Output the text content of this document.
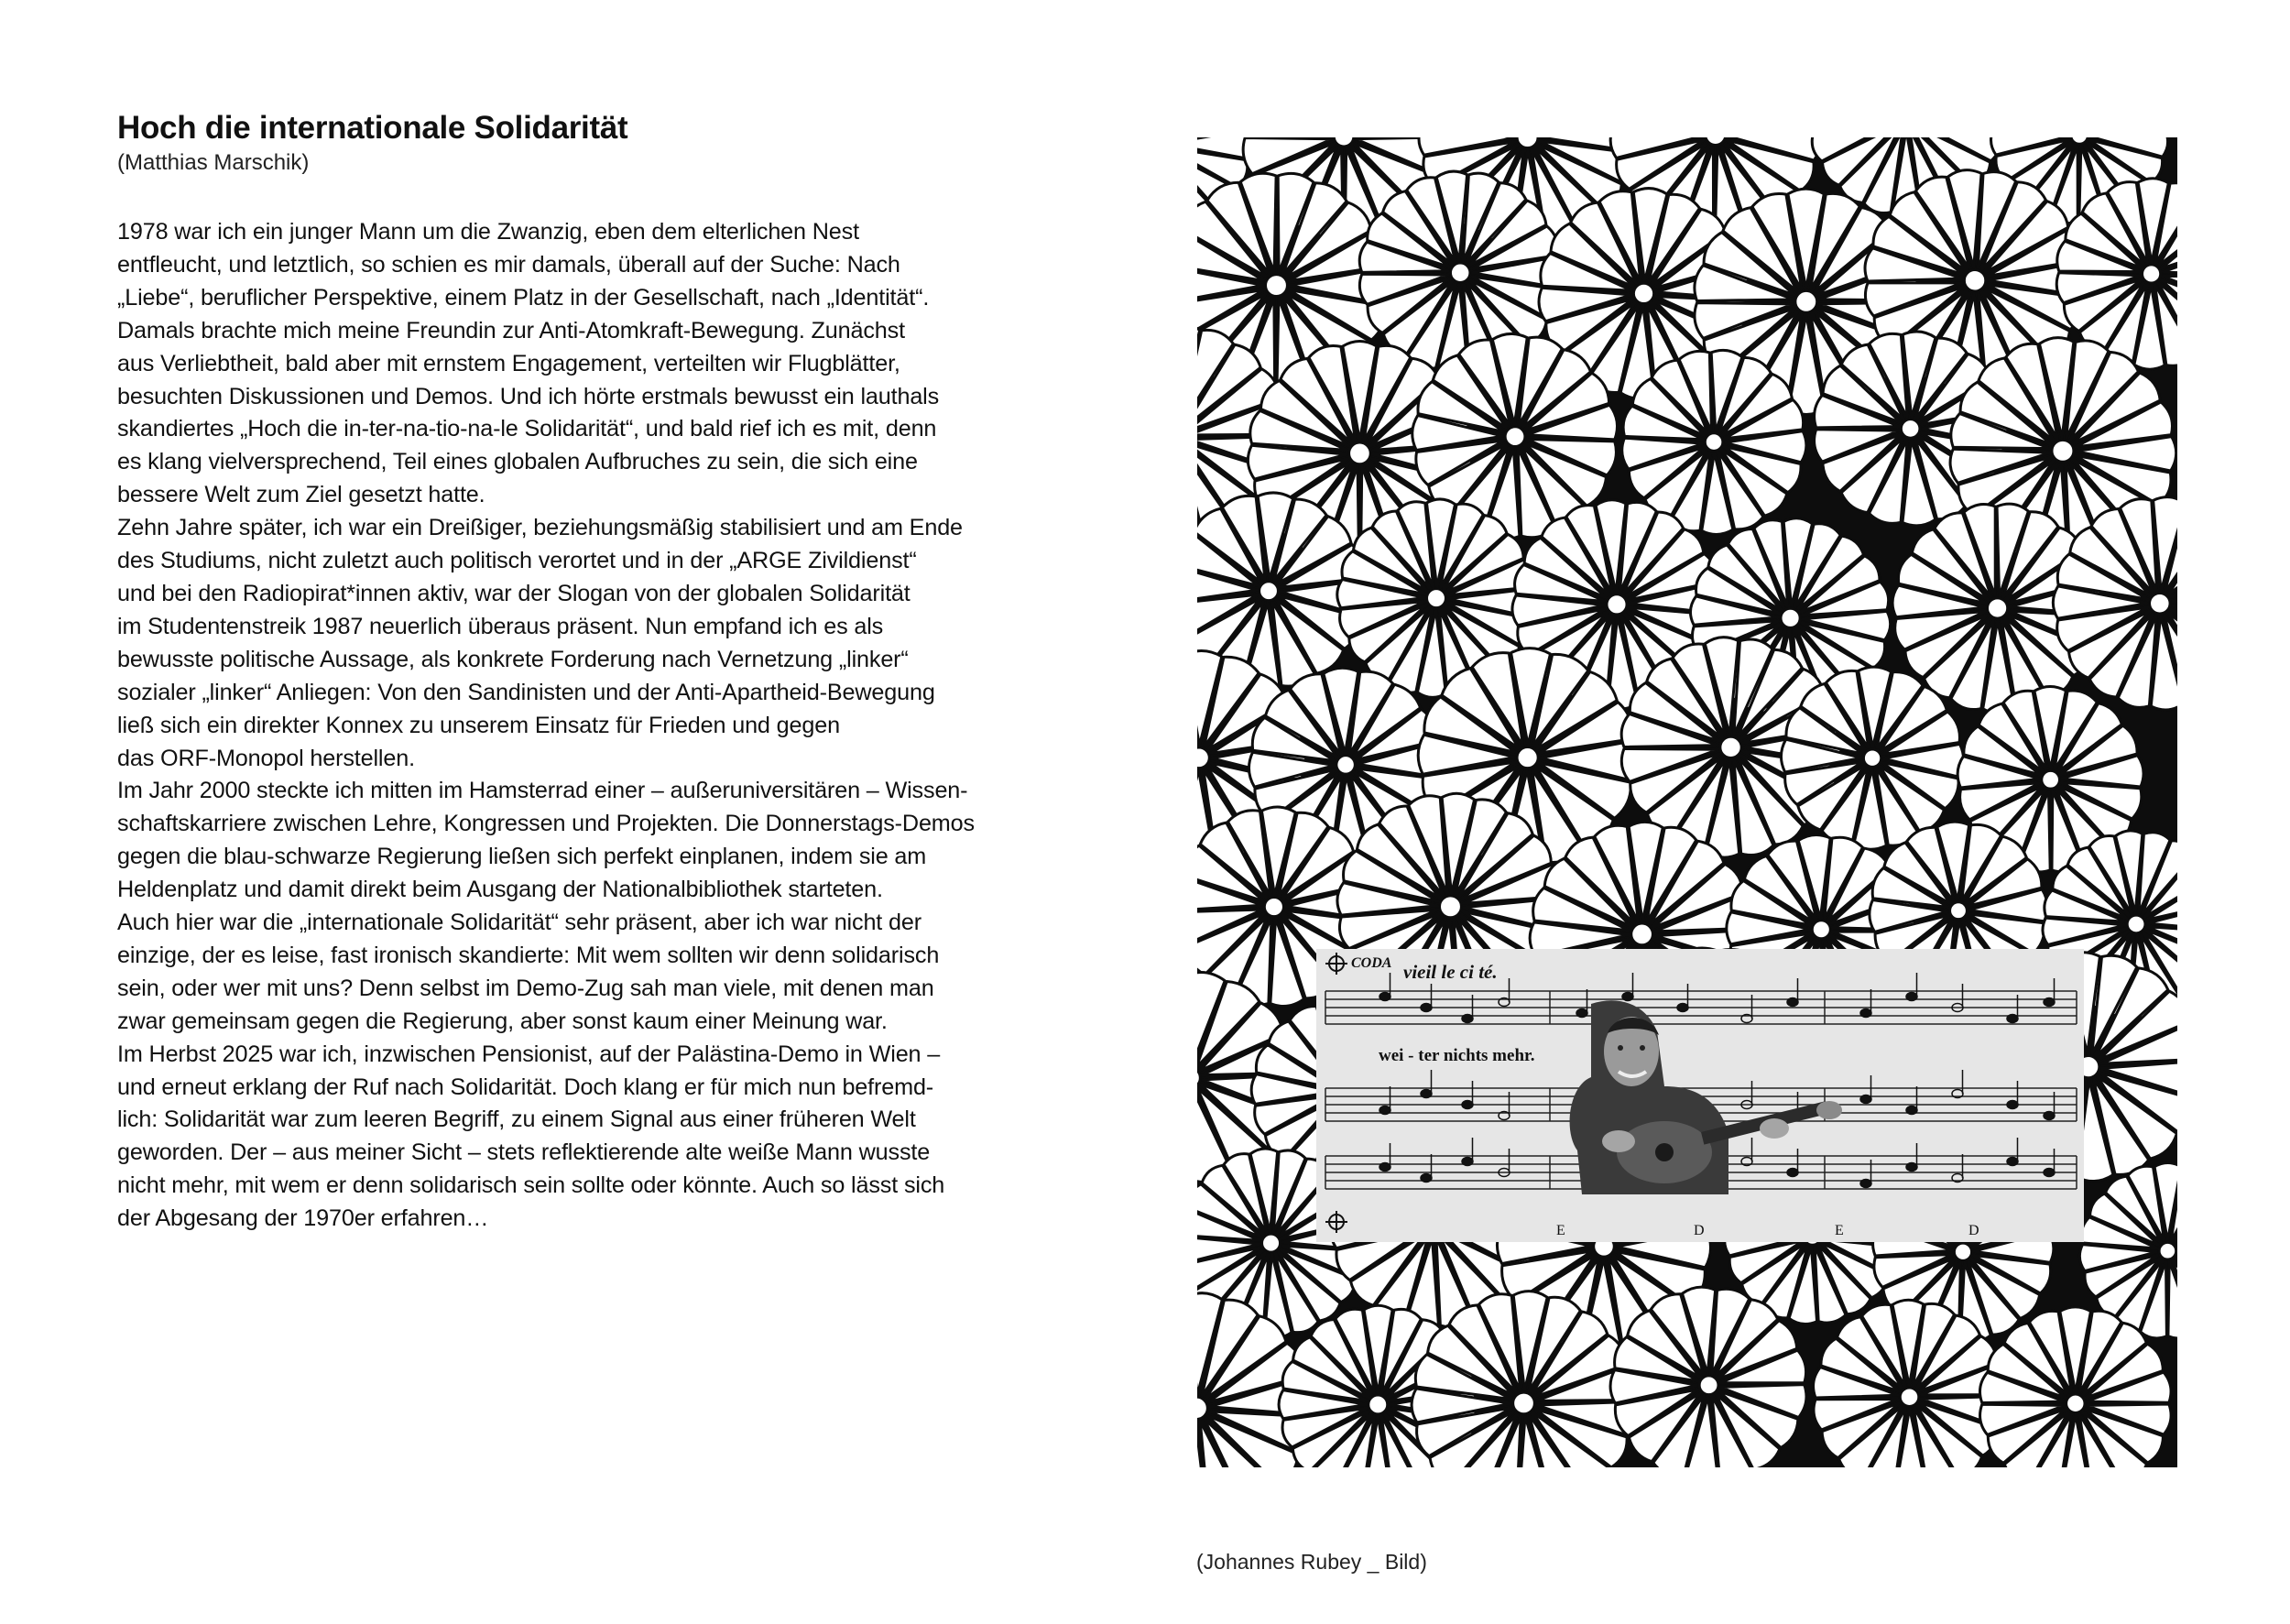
Hoch die internationale Solidarität

(Matthias Marschik)

1978 war ich ein junger Mann um die Zwanzig, eben dem elterlichen Nest
entfleucht, und letztlich, so schien es mir damals, überall auf der Suche: Nach
„Liebe“, beruflicher Perspektive, einem Platz in der Gesellschaft, nach „Identität“.
Damals brachte mich meine Freundin zur Anti-Atomkraft-Bewegung. Zunächst
aus Verliebtheit, bald aber mit ernstem Engagement, verteilten wir Flugblätter,
besuchten Diskussionen und Demos. Und ich hörte erstmals bewusst ein lauthals
skandiertes „Hoch die in-ter-na-tio-na-le Solidarität“, und bald rief ich es mit, denn
es klang vielversprechend, Teil eines globalen Aufbruches zu sein, die sich eine
bessere Welt zum Ziel gesetzt hatte.
Zehn Jahre später, ich war ein Dreißiger, beziehungsmäßig stabilisiert und am Ende
des Studiums, nicht zuletzt auch politisch verortet und in der „ARGE Zivildienst“
und bei den Radiopirat*innen aktiv, war der Slogan von der globalen Solidarität
im Studentenstreik 1987 neuerlich überaus präsent. Nun empfand ich es als
bewusste politische Aussage, als konkrete Forderung nach Vernetzung „linker“
sozialer „linker“ Anliegen: Von den Sandinisten und der Anti-Apartheid-Bewegung
ließ sich ein direkter Konnex zu unserem Einsatz für Frieden und gegen
das ORF-Monopol herstellen.
Im Jahr 2000 steckte ich mitten im Hamsterrad einer – außeruniversitären – Wissen-
schaftskarriere zwischen Lehre, Kongressen und Projekten. Die Donnerstags-Demos
gegen die blau-schwarze Regierung ließen sich perfekt einplanen, indem sie am
Heldenplatz und damit direkt beim Ausgang der Nationalbibliothek starteten.
Auch hier war die „internationale Solidarität“ sehr präsent, aber ich war nicht der
einzige, der es leise, fast ironisch skandierte: Mit wem sollten wir denn solidarisch
sein, oder wer mit uns? Denn selbst im Demo-Zug sah man viele, mit denen man
zwar gemeinsam gegen die Regierung, aber sonst kaum einer Meinung war.
Im Herbst 2025 war ich, inzwischen Pensionist, auf der Palästina-Demo in Wien –
und erneut erklang der Ruf nach Solidarität. Doch klang er für mich nun befremd-
lich: Solidarität war zum leeren Begriff, zu einem Signal aus einer früheren Welt
geworden. Der – aus meiner Sicht – stets reflektierende alte weiße Mann wusste
nicht mehr, mit wem er denn solidarisch sein sollte oder könnte. Auch so lässt sich
der Abgesang der 1970er erfahren…
CODA vieil le ci té.
wei - ter nichts mehr.
E	D	E	D
(Johannes Rubey _ Bild)
